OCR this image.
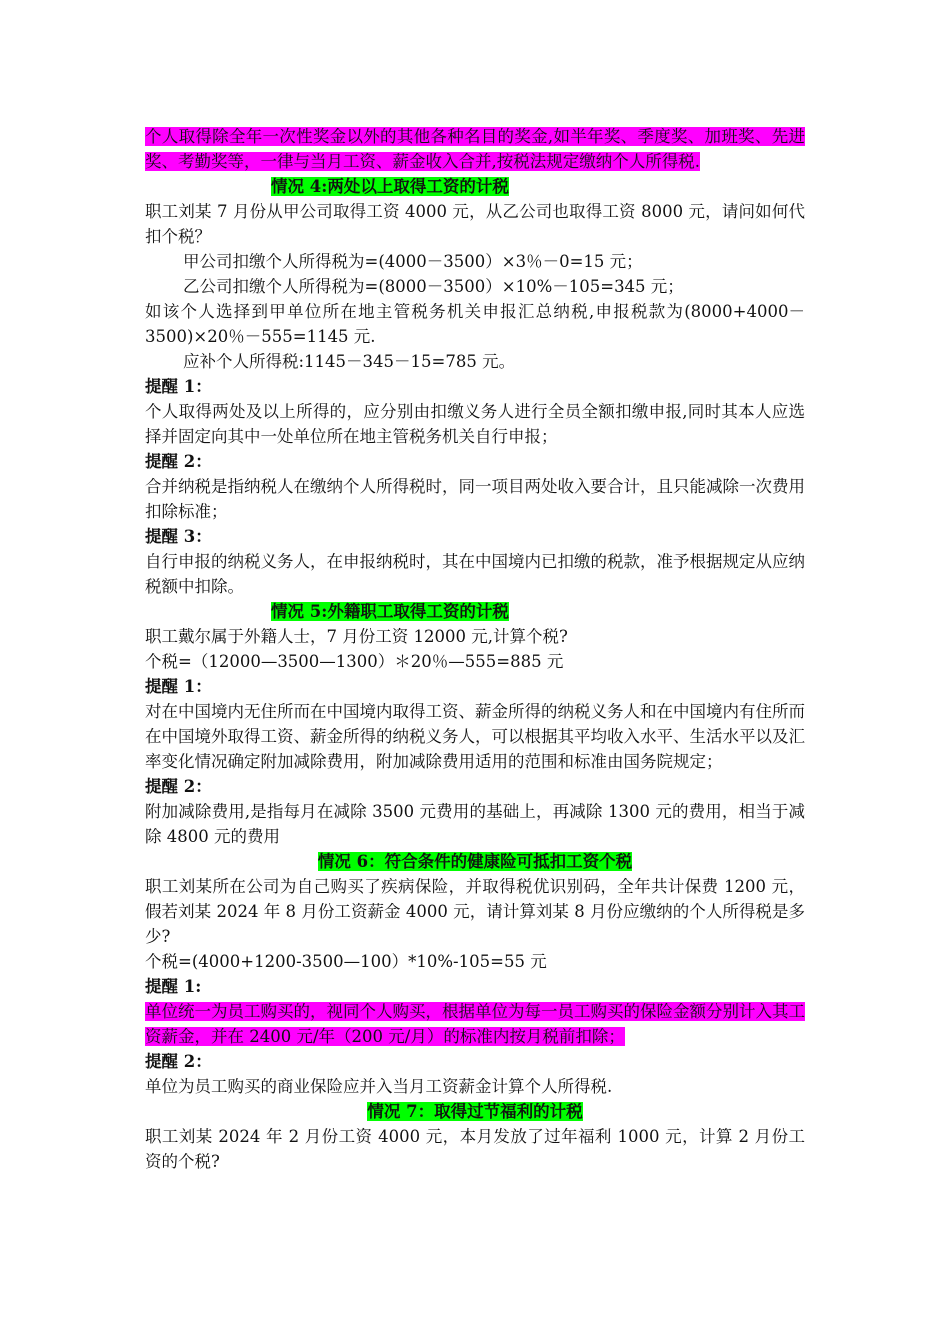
个人取得除全年一次性奖金以外的其他各种名目的奖金,如半年奖、季度奖、加班奖、先进奖、考勤奖等，一律与当月工资、薪金收入合并,按税法规定缴纳个人所得税.

情况 4:两处以上取得工资的计税

职工刘某 7 月份从甲公司取得工资 4000 元，从乙公司也取得工资 8000 元，请问如何代扣个税？

甲公司扣缴个人所得税为=(4000－3500）×3％－0=15 元；

乙公司扣缴个人所得税为=(8000－3500）×10%－105=345 元；

如该个人选择到甲单位所在地主管税务机关申报汇总纳税,申报税款为(8000+4000－3500)×20％－555=1145 元.

应补个人所得税:1145－345－15=785 元。

提醒 1：

个人取得两处及以上所得的，应分别由扣缴义务人进行全员全额扣缴申报,同时其本人应选择并固定向其中一处单位所在地主管税务机关自行申报；

提醒 2：

合并纳税是指纳税人在缴纳个人所得税时，同一项目两处收入要合计，且只能减除一次费用扣除标准；

提醒 3：

自行申报的纳税义务人，在申报纳税时，其在中国境内已扣缴的税款，准予根据规定从应纳税额中扣除。

情况 5:外籍职工取得工资的计税

职工戴尔属于外籍人士，7 月份工资 12000 元,计算个税?

个税=（12000—3500—1300）＊20％—555=885 元

提醒 1：

对在中国境内无住所而在中国境内取得工资、薪金所得的纳税义务人和在中国境内有住所而在中国境外取得工资、薪金所得的纳税义务人，可以根据其平均收入水平、生活水平以及汇率变化情况确定附加减除费用，附加减除费用适用的范围和标准由国务院规定；

提醒 2：

附加减除费用,是指每月在减除 3500 元费用的基础上，再减除 1300 元的费用，相当于减除 4800 元的费用

情况 6：符合条件的健康险可抵扣工资个税

职工刘某所在公司为自己购买了疾病保险，并取得税优识别码，全年共计保费 1200 元，假若刘某 2024 年 8 月份工资薪金 4000 元，请计算刘某 8 月份应缴纳的个人所得税是多少?

个税=(4000+1200-3500—100）*10%-105=55 元

提醒 1:

单位统一为员工购买的，视同个人购买，根据单位为每一员工购买的保险金额分别计入其工资薪金，并在 2400 元/年（200 元/月）的标准内按月税前扣除；

提醒 2：

单位为员工购买的商业保险应并入当月工资薪金计算个人所得税.

情况 7：取得过节福利的计税

职工刘某 2024 年 2 月份工资 4000 元，本月发放了过年福利 1000 元，计算 2 月份工资的个税?
